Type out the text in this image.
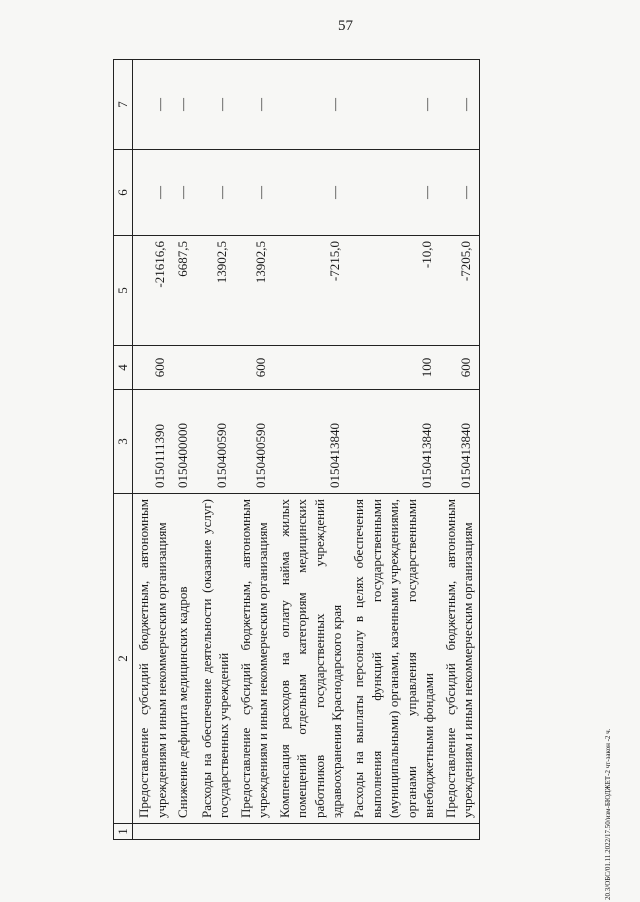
57
20.3/ОБС/01.11.2022/17.50/изм-БЮДЖЕТ-2 чт-закон -2 ч.
1	2	3	4	5	6	7
	Предоставление субсидий бюджетным, автономным учреждениям и иным некоммерческим организациям	0150111390	600	-21616,6	—	—
	Снижение дефицита медицинских кадров	0150400000		6687,5	—	—
	Расходы на обеспечение деятельности (оказание услуг) государственных учреждений	0150400590		13902,5	—	—
	Предоставление субсидий бюджетным, автономным учреждениям и иным некоммерческим организациям	0150400590	600	13902,5	—	—
	Компенсация расходов на оплату найма жилых помещений отдельным категориям медицинских работников государственных учреждений здравоохранения Краснодарского края	0150413840		-7215,0	—	—
	Расходы на выплаты персоналу в целях обеспечения выполнения функций государственными (муниципальными) органами, казенными учреждениями, органами управления государственными внебюджетными фондами	0150413840	100	-10,0	—	—
	Предоставление субсидий бюджетным, автономным учреждениям и иным некоммерческим организациям	0150413840	600	-7205,0	—	—
